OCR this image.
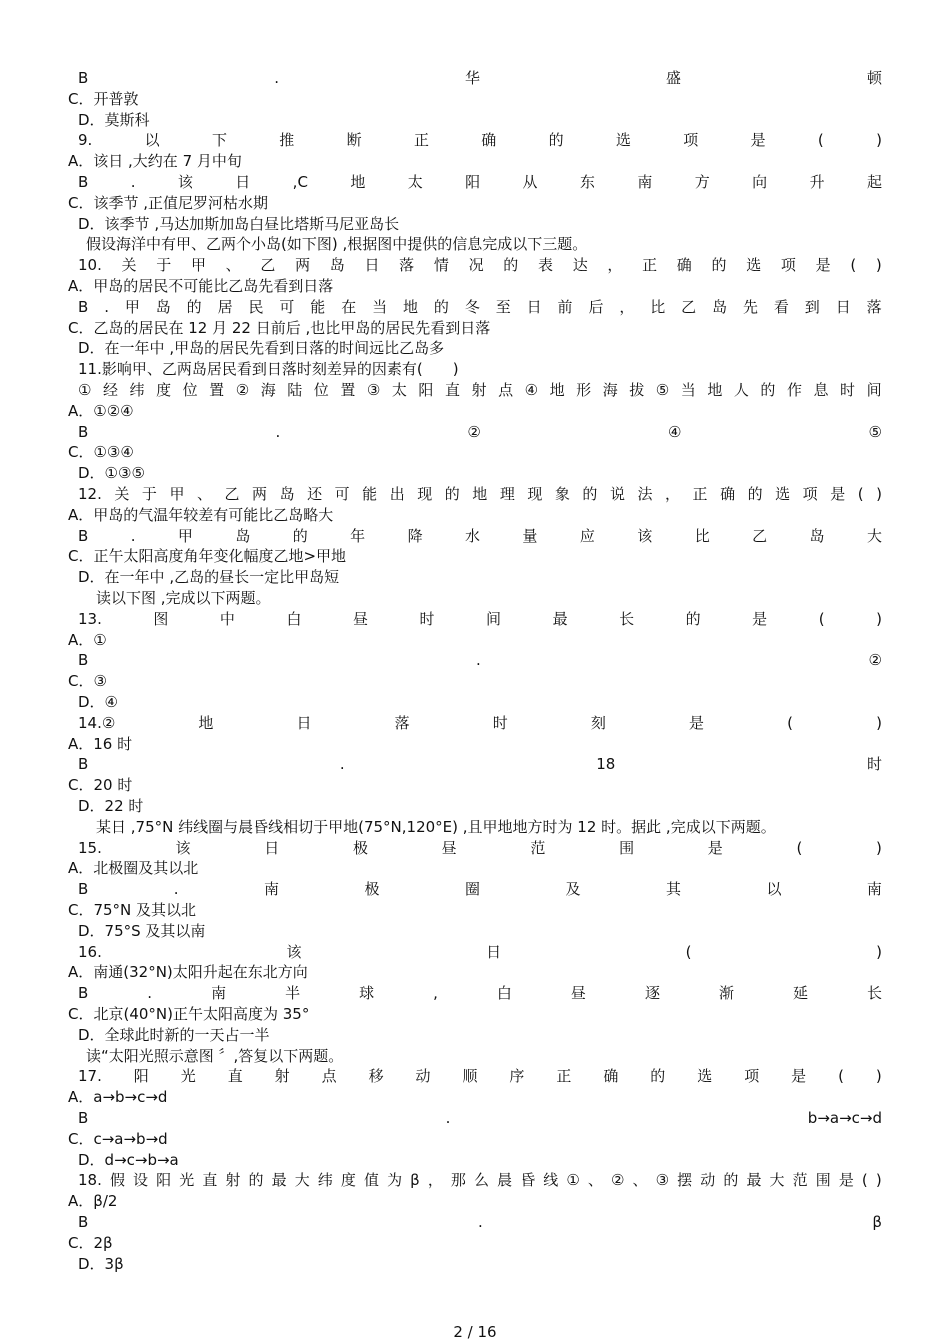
B	.	华	盛	顿
C．开普敦
D．莫斯科
9.	以	下	推	断	正	确	的	选	项	是	(	)
A．该日 ,大约在 7 月中旬
B	.	该	日	,C	地	太	阳	从	东	南	方	向	升	起
C．该季节 ,正值尼罗河枯水期
D．该季节 ,马达加斯加岛白昼比塔斯马尼亚岛长
假设海洋中有甲、乙两个小岛(如下图) ,根据图中提供的信息完成以下三题。
10. 关 于 甲 、 乙 两 岛 日 落 情 况 的 表 达 ， 正 确 的 选 项 是 ( )
A．甲岛的居民不可能比乙岛先看到日落
B . 甲 岛 的 居 民 可 能 在 当 地 的 冬 至 日 前 后 ， 比 乙 岛 先 看 到 日 落
C．乙岛的居民在 12 月 22 日前后 ,也比甲岛的居民先看到日落
D．在一年中 ,甲岛的居民先看到日落的时间远比乙岛多
11.影响甲、乙两岛居民看到日落时刻差异的因素有(　　)
① 经 纬 度 位 置 ② 海 陆 位 置 ③ 太 阳 直 射 点 ④ 地 形 海 拔 ⑤ 当 地 人 的 作 息 时 间
A．①②④
B	.	②	④	⑤
C．①③④
D．①③⑤
12. 关 于 甲 、 乙 两 岛 还 可 能 出 现 的 地 理 现 象 的 说 法 ， 正 确 的 选 项 是 ( )
A．甲岛的气温年较差有可能比乙岛略大
B	.	甲	岛	的	年	降	水	量	应	该	比	乙	岛	大
C．正午太阳高度角年变化幅度乙地>甲地
D．在一年中 ,乙岛的昼长一定比甲岛短
读以下图 ,完成以下两题。
13.	图	中	白	昼	时	间	最	长	的	是	(	)
A．①
B	.	②
C．③
D．④
14.②	地	日	落	时	刻	是	(	)
A．16 时
B	.	18	时
C．20 时
D．22 时
某日 ,75°N 纬线圈与晨昏线相切于甲地(75°N,120°E) ,且甲地地方时为 12 时。据此 ,完成以下两题。
15.	该	日	极	昼	范	围	是	(	)
A．北极圈及其以北
B	.	南	极	圈	及	其	以	南
C．75°N 及其以北
D．75°S 及其以南
16.	该	日	(	)
A．南通(32°N)太阳升起在东北方向
B	.	南	半	球	,	白	昼	逐	渐	延	长
C．北京(40°N)正午太阳高度为 35°
D．全球此时新的一天占一半
读“太阳光照示意图 〞,答复以下两题。
17. 阳 光 直 射 点 移 动 顺 序 正 确 的 选 项 是 ( )
A．a→b→c→d
B	.	b→a→c→d
C．c→a→b→d
D．d→c→b→a
18. 假 设 阳 光 直 射 的 最 大 纬 度 值 为 β ， 那 么 晨 昏 线 ① 、 ② 、 ③ 摆 动 的 最 大 范 围 是 ( )
A．β/2
B	.	β
C．2β
D．3β
2 / 16
